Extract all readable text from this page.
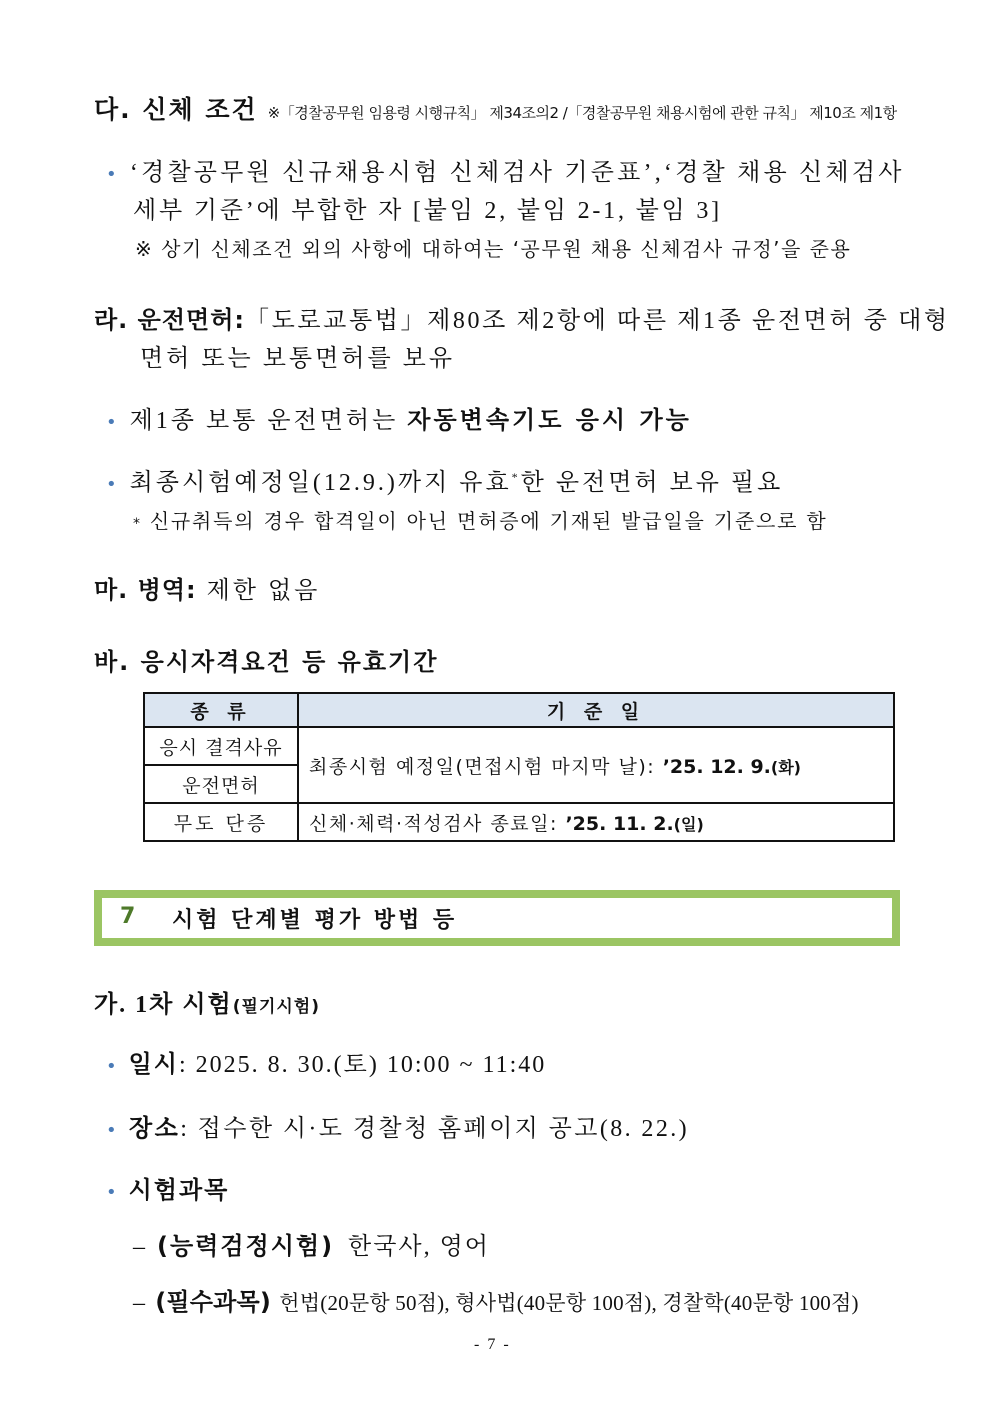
다. 신체 조건 ※「경찰공무원 임용령 시행규칙」 제34조의2 /「경찰공무원 채용시험에 관한 규칙」 제10조 제1항
• ‘경찰공무원 신규채용시험 신체검사 기준표’,‘경찰 채용 신체검사
세부 기준’에 부합한 자 [붙임 2, 붙임 2-1, 붙임 3]
※ 상기 신체조건 외의 사항에 대하여는 ‘공무원 채용 신체검사 규정’을 준용
라. 운전면허:「도로교통법」제80조 제2항에 따른 제1종 운전면허 중 대형
면허 또는 보통면허를 보유
• 제1종 보통 운전면허는 자동변속기도 응시 가능
• 최종시험예정일(12.9.)까지 유효*한 운전면허 보유 필요
* 신규취득의 경우 합격일이 아닌 면허증에 기재된 발급일을 기준으로 함
마. 병역: 제한 없음
바. 응시자격요건 등 유효기간
종 류	기 준 일
응시 결격사유	최종시험 예정일(면접시험 마지막 날): ’25. 12. 9.(화)
운전면허	
무도 단증	신체·체력·적성검사 종료일: ’25. 11. 2.(일)
7 시험 단계별 평가 방법 등
가. 1차 시험(필기시험)
• 일시: 2025. 8. 30.(토) 10:00 ~ 11:40
• 장소: 접수한 시·도 경찰청 홈페이지 공고(8. 22.)
• 시험과목
– (능력검정시험) 한국사, 영어
– (필수과목) 헌법(20문항 50점), 형사법(40문항 100점), 경찰학(40문항 100점)
- 7 -
